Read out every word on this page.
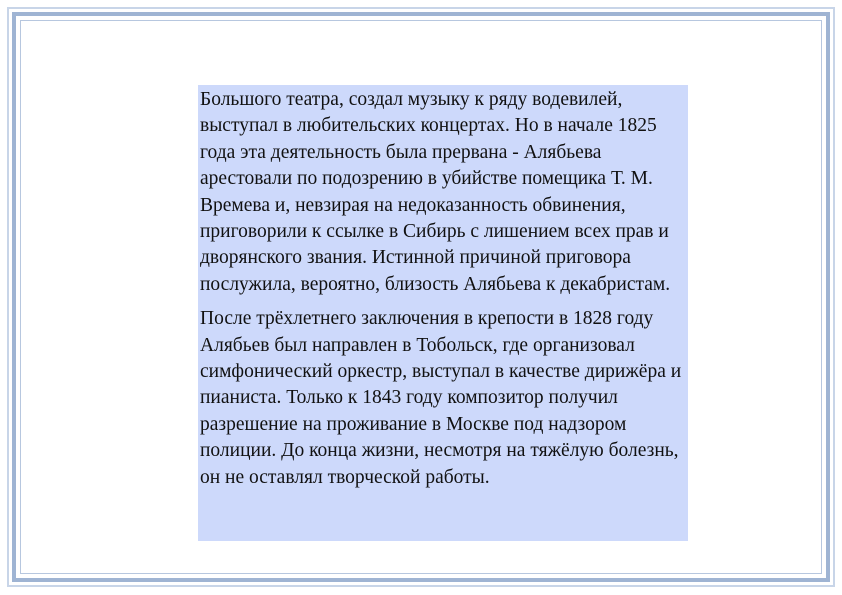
Большого театра, создал музыку к ряду водевилей, выступал в любительских концертах. Но в начале 1825 года эта деятельность была прервана - Алябьева арестовали по подозрению в убийстве помещика Т. М. Времева и, невзирая на недоказанность обвинения, приговорили к ссылке в Сибирь с лишением всех прав и дворянского звания. Истинной причиной приговора послужила, вероятно, близость Алябьева к декабристам.

После трёхлетнего заключения в крепости в 1828 году Алябьев был направлен в Тобольск, где организовал симфонический оркестр, выступал в качестве дирижёра и пианиста. Только к 1843 году композитор получил разрешение на проживание в Москве под надзором полиции. До конца жизни, несмотря на тяжёлую болезнь, он не оставлял творческой работы.
